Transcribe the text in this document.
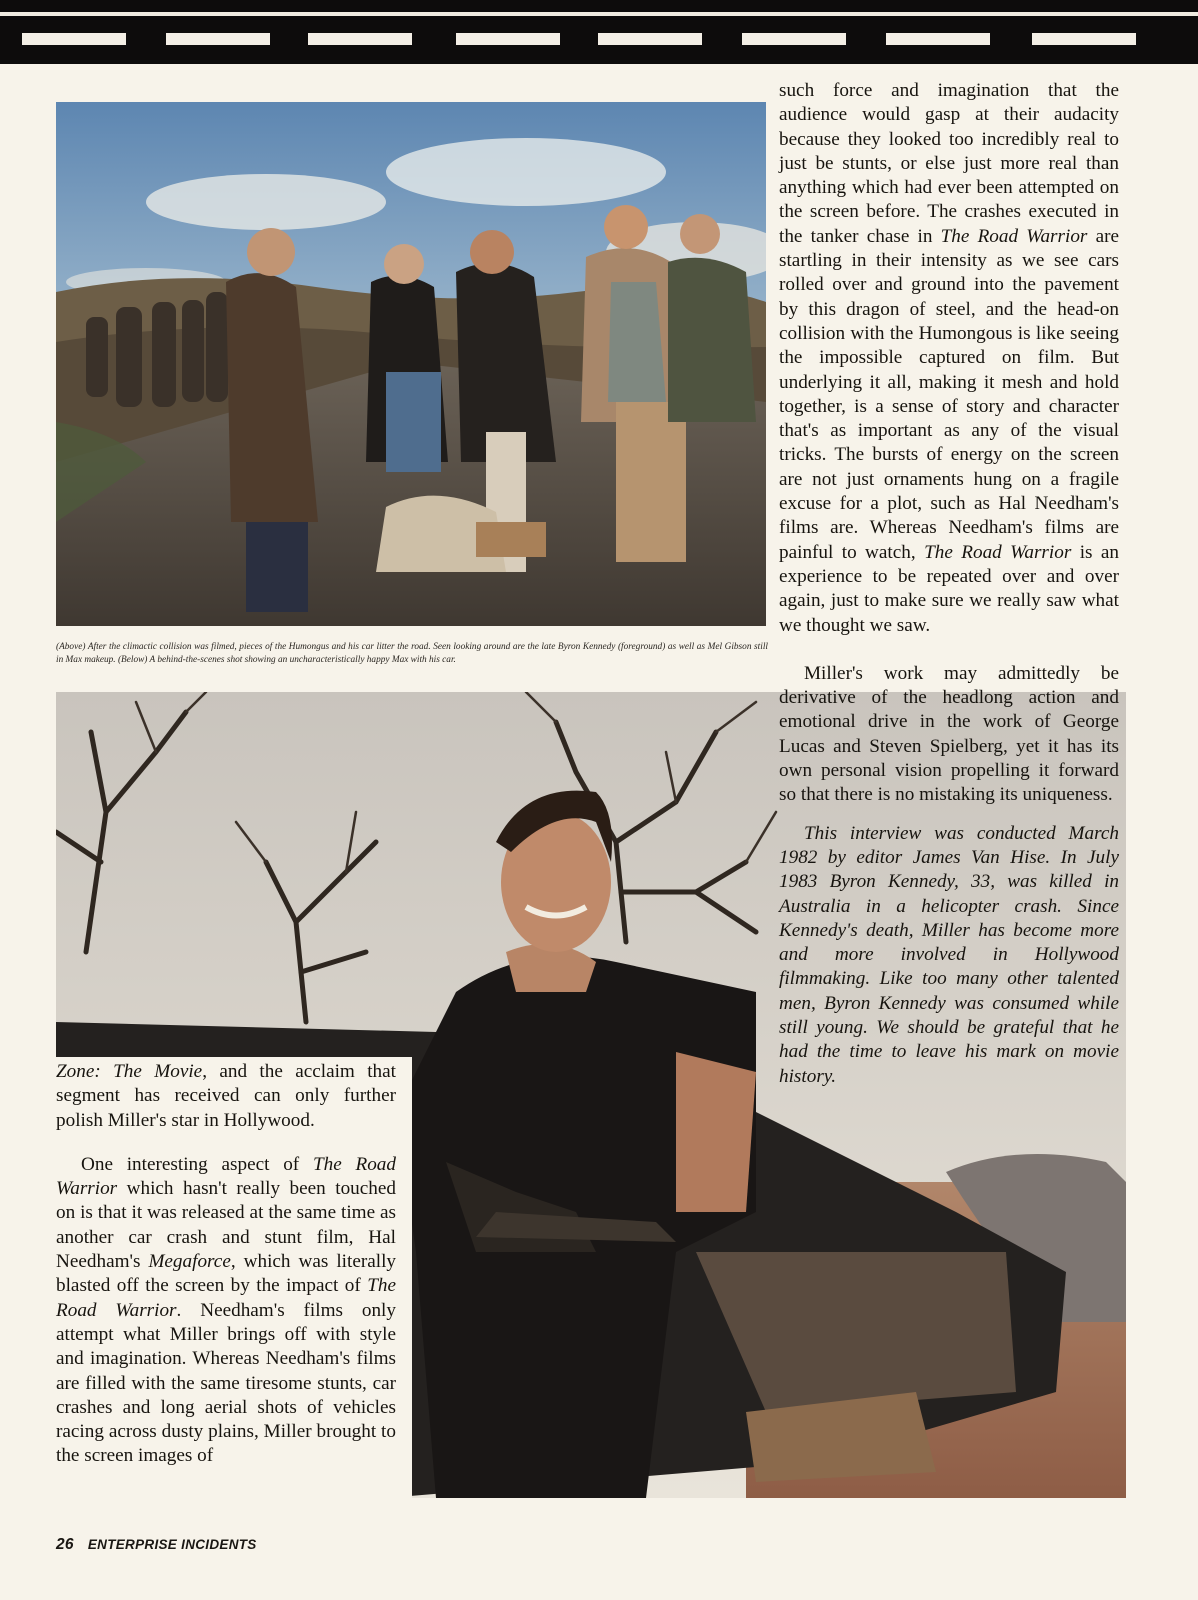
(Above) After the climactic collision was filmed, pieces of the Humongus and his car litter the road. Seen looking around are the late Byron Kennedy (foreground) as well as Mel Gibson still in Max makeup. (Below) A behind-the-scenes shot showing an uncharacteristically happy Max with his car.

such force and imagination that the audience would gasp at their audacity because they looked too incredibly real to just be stunts, or else just more real than anything which had ever been attempted on the screen before. The crashes executed in the tanker chase in The Road Warrior are startling in their intensity as we see cars rolled over and ground into the pavement by this dragon of steel, and the head-on collision with the Humongous is like seeing the impossible captured on film. But underlying it all, making it mesh and hold together, is a sense of story and character that's as important as any of the visual tricks. The bursts of energy on the screen are not just ornaments hung on a fragile excuse for a plot, such as Hal Needham's films are. Whereas Needham's films are painful to watch, The Road Warrior is an experience to be repeated over and over again, just to make sure we really saw what we thought we saw.

Miller's work may admittedly be derivative of the headlong action and emotional drive in the work of George Lucas and Steven Spielberg, yet it has its own personal vision propelling it forward so that there is no mistaking its uniqueness.

This interview was conducted March 1982 by editor James Van Hise. In July 1983 Byron Kennedy, 33, was killed in Australia in a helicopter crash. Since Kennedy's death, Miller has become more and more involved in Hollywood filmmaking. Like too many other talented men, Byron Kennedy was consumed while still young. We should be grateful that he had the time to leave his mark on movie history.

Zone: The Movie, and the acclaim that segment has received can only further polish Miller's star in Hollywood.

One interesting aspect of The Road Warrior which hasn't really been touched on is that it was released at the same time as another car crash and stunt film, Hal Needham's Megaforce, which was literally blasted off the screen by the impact of The Road Warrior. Needham's films only attempt what Miller brings off with style and imagination. Whereas Needham's films are filled with the same tiresome stunts, car crashes and long aerial shots of vehicles racing across dusty plains, Miller brought to the screen images of

26 ENTERPRISE INCIDENTS
